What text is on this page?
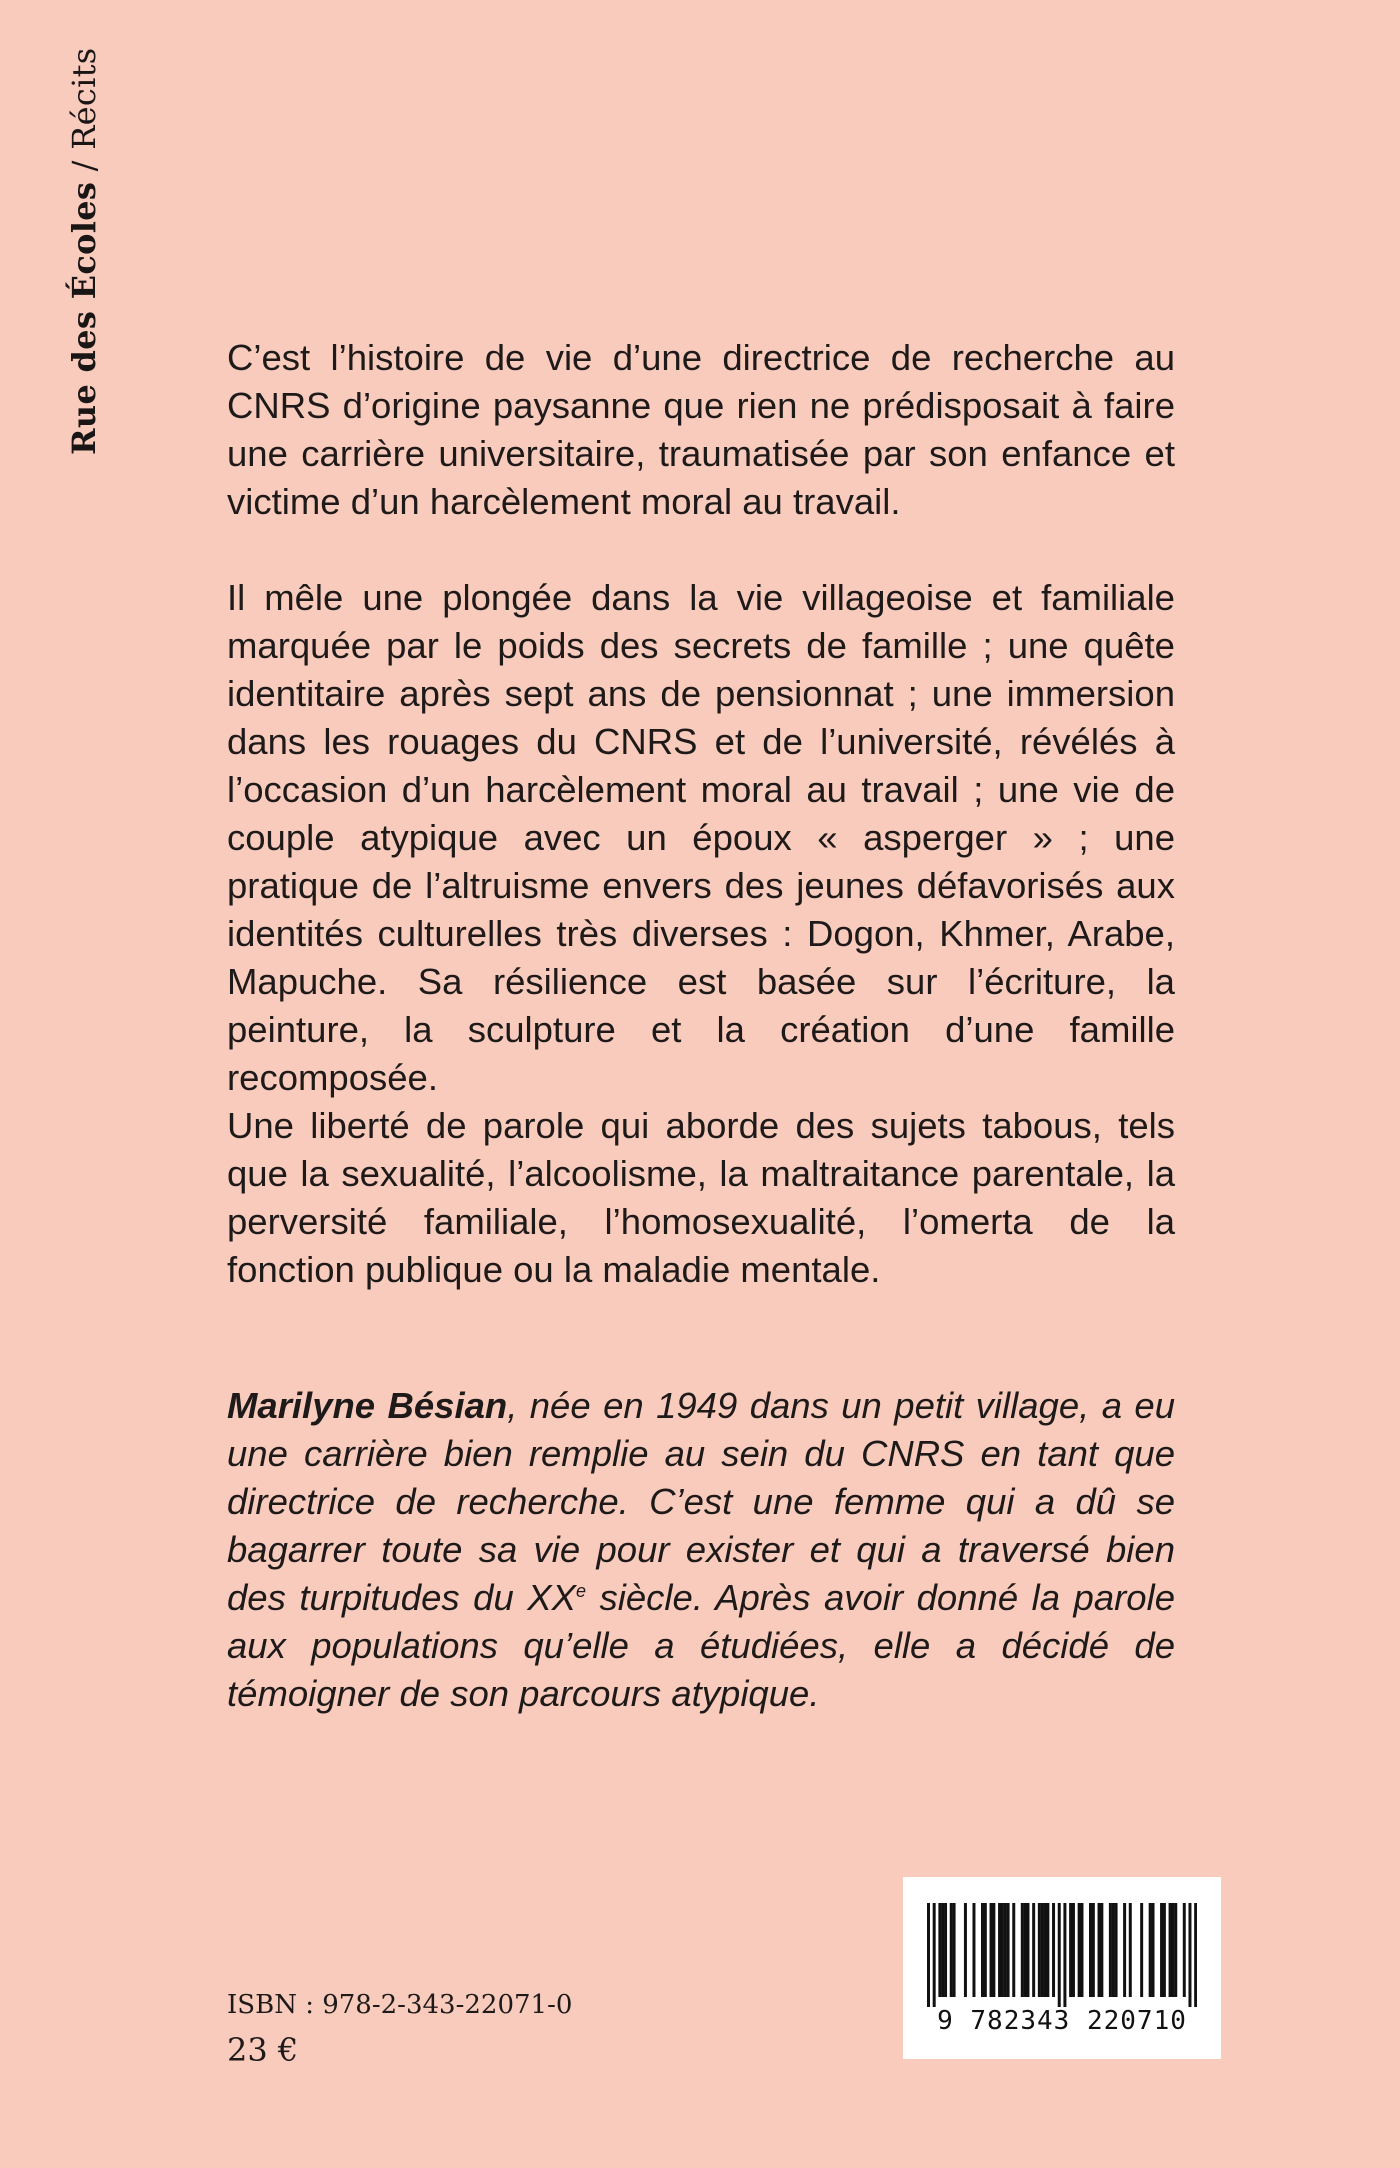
Rue des Écoles / Récits

C’est l’histoire de vie d’une directrice de recherche au CNRS d’origine paysanne que rien ne prédisposait à faire une carrière universitaire, traumatisée par son enfance et victime d’un harcèlement moral au travail.

Il mêle une plongée dans la vie villageoise et familiale marquée par le poids des secrets de famille ; une quête identitaire après sept ans de pensionnat ; une immersion dans les rouages du CNRS et de l’université, révélés à l’occasion d’un harcèlement moral au travail ; une vie de couple atypique avec un époux « asperger » ; une pratique de l’altruisme envers des jeunes défavorisés aux identités culturelles très diverses : Dogon, Khmer, Arabe, Mapuche. Sa résilience est basée sur l’écriture, la peinture, la sculpture et la création d’une famille recomposée.

Une liberté de parole qui aborde des sujets tabous, tels que la sexualité, l’alcoolisme, la maltraitance parentale, la perversité familiale, l’homosexualité, l’omerta de la fonction publique ou la maladie mentale.

Marilyne Bésian, née en 1949 dans un petit village, a eu une carrière bien remplie au sein du CNRS en tant que directrice de recherche. C’est une femme qui a dû se bagarrer toute sa vie pour exister et qui a traversé bien des turpitudes du XXe siècle. Après avoir donné la parole aux populations qu’elle a étudiées, elle a décidé de témoigner de son parcours atypique.

ISBN : 978-2-343-22071-0
23 €
9 782343 220710
